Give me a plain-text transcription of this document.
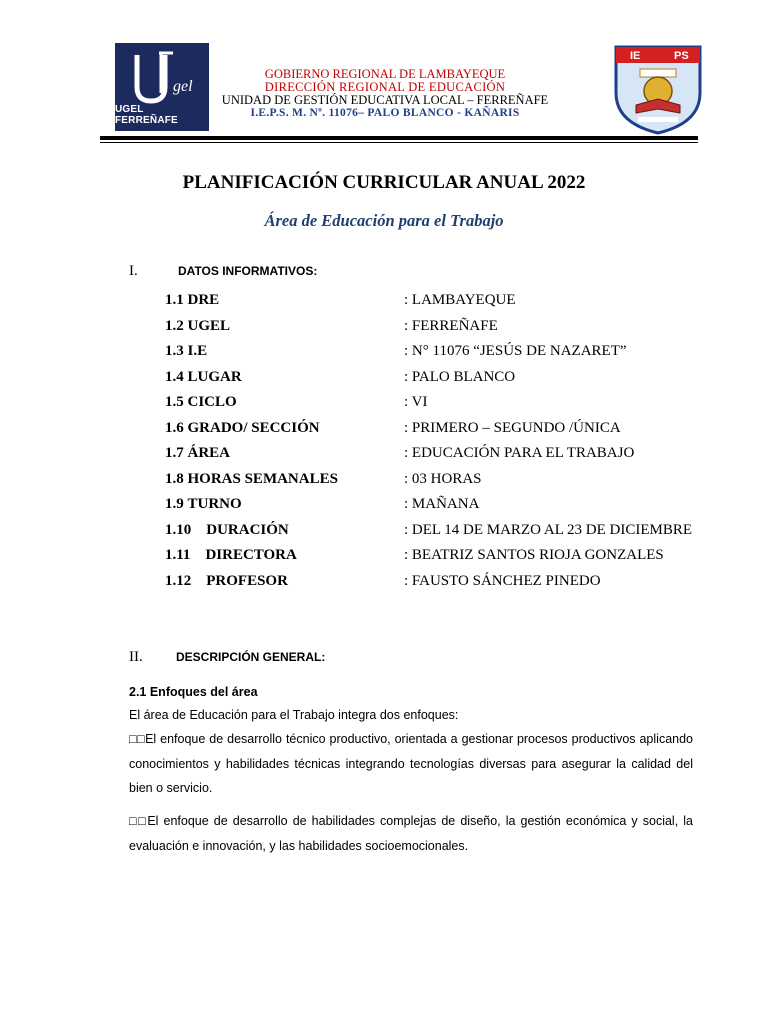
gel
UGEL FERREÑAFE
IE	PS
GOBIERNO REGIONAL DE LAMBAYEQUE
DIRECCIÓN REGIONAL DE EDUCACIÓN
UNIDAD DE GESTIÓN EDUCATIVA LOCAL – FERREÑAFE
I.E.P.S. M. Nº. 11076– PALO BLANCO - KAÑARIS
PLANIFICACIÓN CURRICULAR ANUAL 2022
Área de Educación para el Trabajo
I.	DATOS INFORMATIVOS:
1.1 DRE	: LAMBAYEQUE
1.2 UGEL	: FERREÑAFE
1.3 I.E	: N° 11076 “JESÚS DE NAZARET”
1.4 LUGAR	: PALO BLANCO
1.5 CICLO	: VI
1.6 GRADO/ SECCIÓN	: PRIMERO – SEGUNDO /ÚNICA
1.7 ÁREA	: EDUCACIÓN PARA EL TRABAJO
1.8 HORAS SEMANALES	: 03 HORAS
1.9 TURNO	: MAÑANA
1.10 DURACIÓN	: DEL 14 DE MARZO AL 23 DE DICIEMBRE
1.11 DIRECTORA	: BEATRIZ SANTOS RIOJA GONZALES
1.12 PROFESOR	: FAUSTO SÁNCHEZ PINEDO
II.	DESCRIPCIÓN GENERAL:
2.1 Enfoques del área
El área de Educación para el Trabajo integra dos enfoques:
□□El enfoque de desarrollo técnico productivo, orientada a gestionar procesos productivos aplicando conocimientos y habilidades técnicas integrando tecnologías diversas para asegurar la calidad del bien o servicio.
□□El enfoque de desarrollo de habilidades complejas de diseño, la gestión económica y social, la evaluación e innovación, y las habilidades socioemocionales.
